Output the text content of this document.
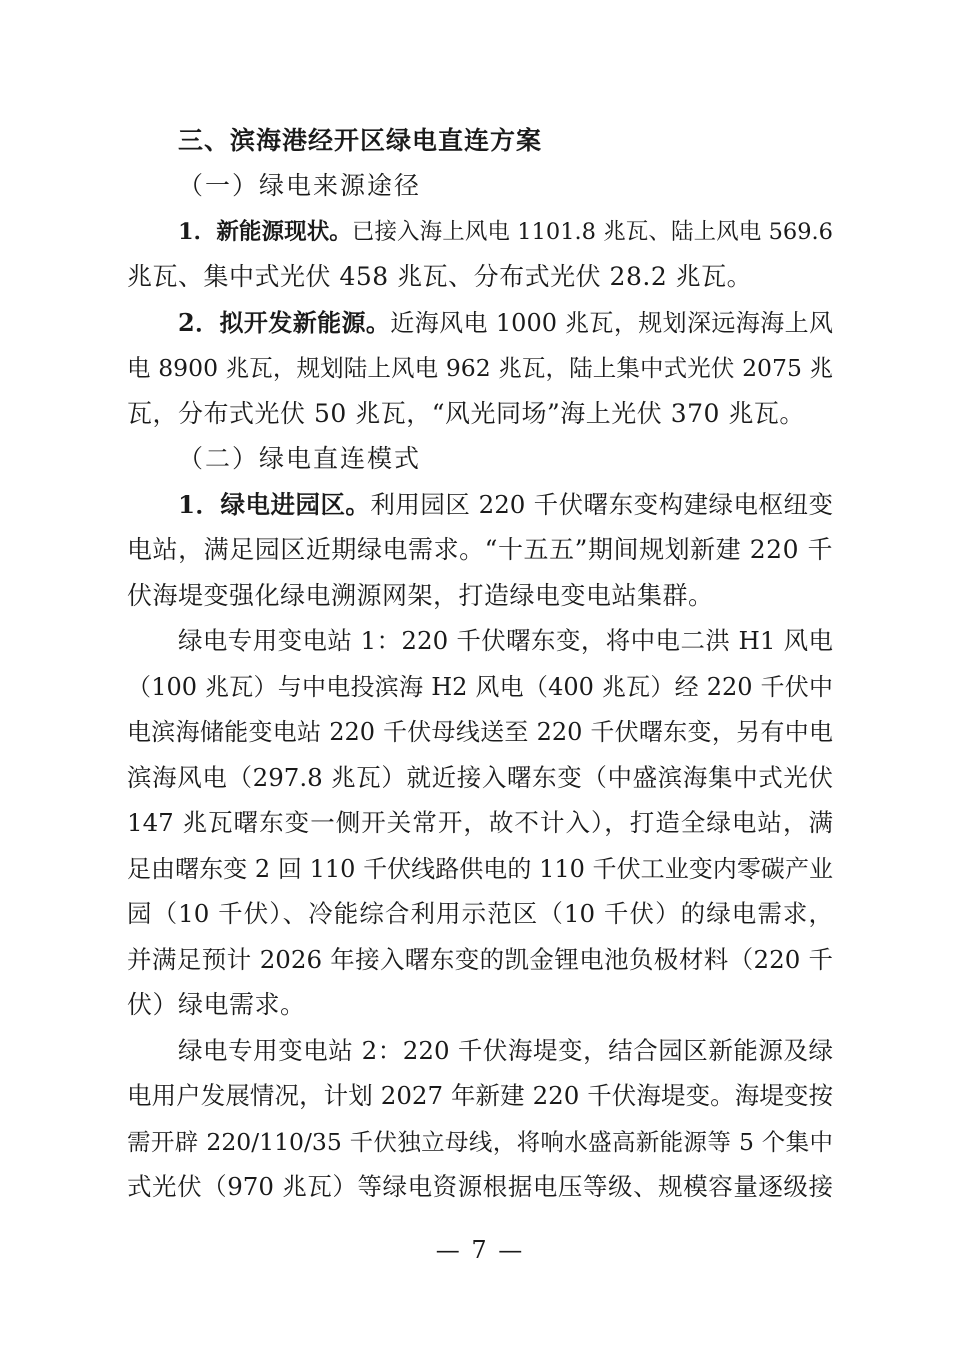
三、滨海港经开区绿电直连方案
（一）绿电来源途径
1．新能源现状。已接入海上风电 1101.8 兆瓦、陆上风电 569.6
兆瓦、集中式光伏 458 兆瓦、分布式光伏 28.2 兆瓦。
2．拟开发新能源。近海风电 1000 兆瓦，规划深远海海上风
电 8900 兆瓦，规划陆上风电 962 兆瓦，陆上集中式光伏 2075 兆
瓦，分布式光伏 50 兆瓦，“风光同场”海上光伏 370 兆瓦。
（二）绿电直连模式
1．绿电进园区。利用园区 220 千伏曙东变构建绿电枢纽变
电站，满足园区近期绿电需求。“十五五”期间规划新建 220 千
伏海堤变强化绿电溯源网架，打造绿电变电站集群。
绿电专用变电站 1：220 千伏曙东变，将中电二洪 H1 风电
（100 兆瓦）与中电投滨海 H2 风电（400 兆瓦）经 220 千伏中
电滨海储能变电站 220 千伏母线送至 220 千伏曙东变，另有中电
滨海风电（297.8 兆瓦）就近接入曙东变（中盛滨海集中式光伏
147 兆瓦曙东变一侧开关常开，故不计入），打造全绿电站，满
足由曙东变 2 回 110 千伏线路供电的 110 千伏工业变内零碳产业
园（10 千伏）、冷能综合利用示范区（10 千伏）的绿电需求，
并满足预计 2026 年接入曙东变的凯金锂电池负极材料（220 千
伏）绿电需求。
绿电专用变电站 2：220 千伏海堤变，结合园区新能源及绿
电用户发展情况，计划 2027 年新建 220 千伏海堤变。海堤变按
需开辟 220/110/35 千伏独立母线，将响水盛高新能源等 5 个集中
式光伏（970 兆瓦）等绿电资源根据电压等级、规模容量逐级接
— 7 —
